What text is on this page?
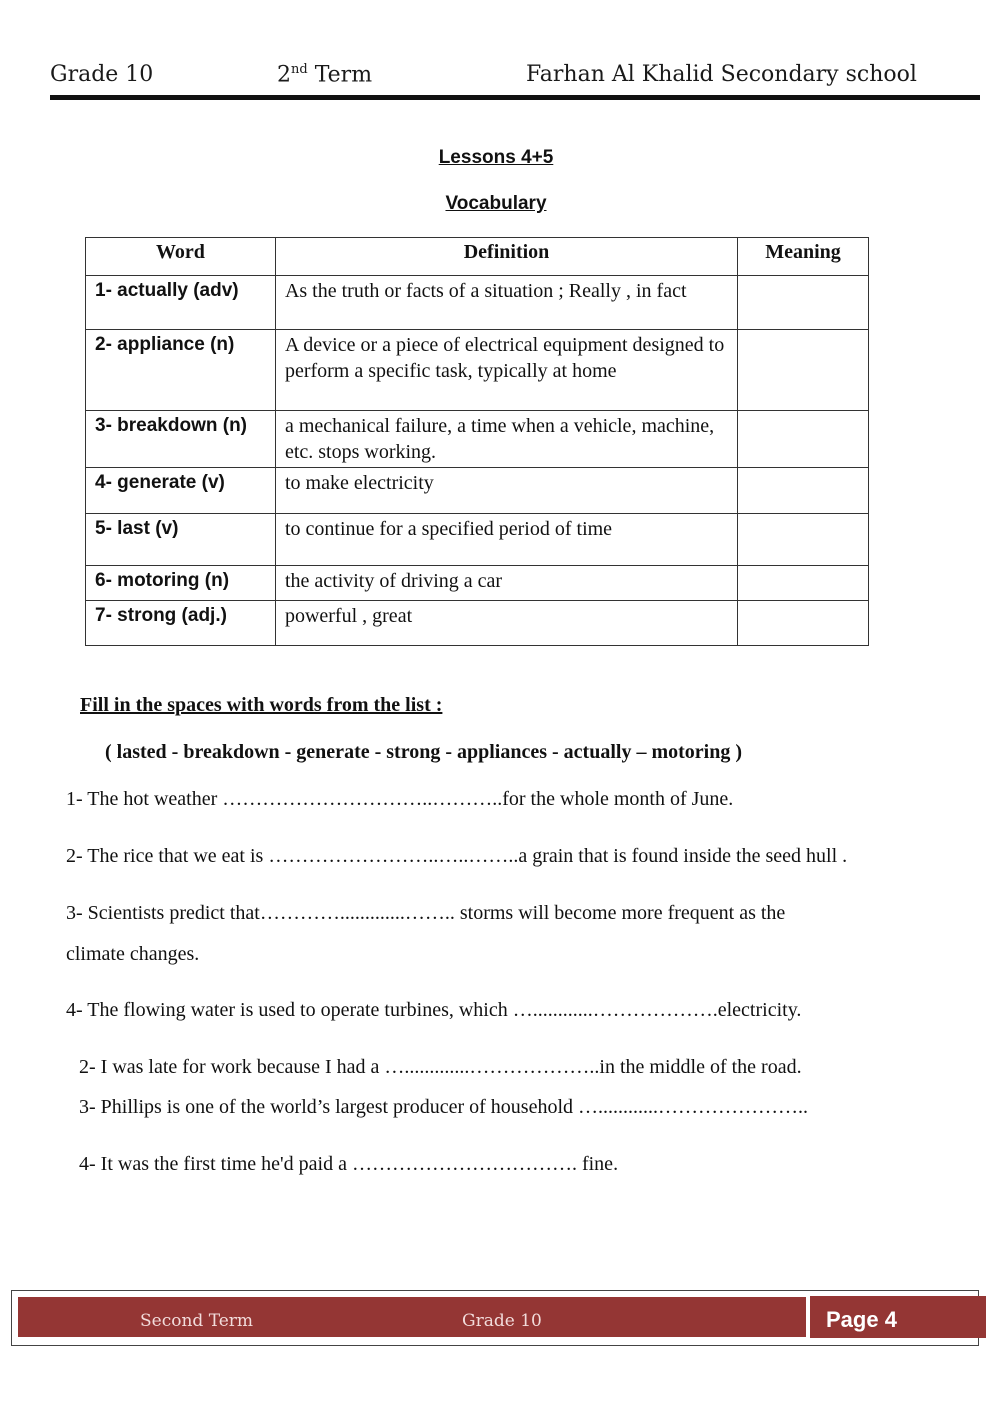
Grade 10	2nd Term	Farhan Al Khalid Secondary school
Lessons 4+5
Vocabulary
Word	Definition	Meaning
1- actually (adv)	As the truth or facts of a situation ; Really , in fact	
2- appliance (n)	A device or a piece of electrical equipment designed to perform a specific task, typically at home	
3- breakdown (n)	a mechanical failure, a time when a vehicle, machine, etc. stops working.	
4- generate (v)	to make electricity	
5- last (v)	to continue for a specified period of time	
6- motoring (n)	the activity of driving a car	
7- strong (adj.)	powerful , great	
Fill in the spaces with words from the list :
( lasted - breakdown - generate - strong - appliances - actually – motoring )
1- The hot weather …………………………..………..for the whole month of June.
2- The rice that we eat is ……………………..…..……..a grain that is found inside the seed hull .
3- Scientists predict that………….............…….. storms will become more frequent as the
climate changes.
4- The flowing water is used to operate turbines, which …............……………….electricity.
2- I was late for work because I had a ….............………………..in the middle of the road.
3- Phillips is one of the world’s largest producer of household …............…………………..
4- It was the first time he'd paid a ……………………………. fine.
Second Term	Grade 10	Page 4
